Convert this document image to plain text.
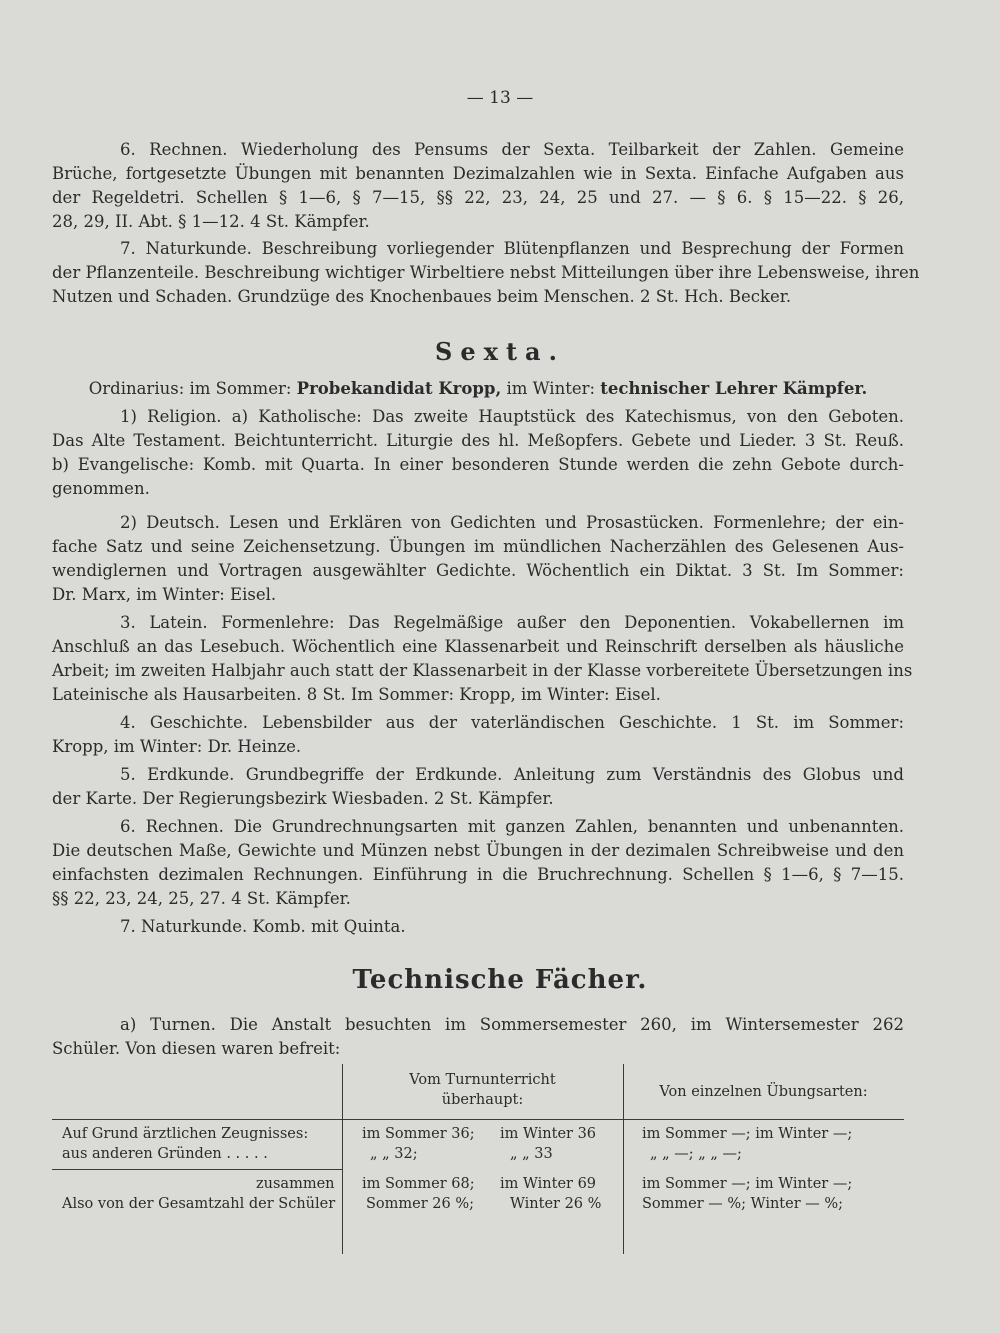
— 13 —
6. Rechnen. Wiederholung des Pensums der Sexta. Teilbarkeit der Zahlen. Gemeine
Brüche, fortgesetzte Übungen mit benannten Dezimalzahlen wie in Sexta. Einfache Aufgaben aus
der Regeldetri. Schellen § 1—6, § 7—15, §§ 22, 23, 24, 25 und 27. — § 6. § 15—22. § 26,
28, 29, II. Abt. § 1—12. 4 St. Kämpfer.
7. Naturkunde. Beschreibung vorliegender Blütenpflanzen und Besprechung der Formen
der Pflanzenteile. Beschreibung wichtiger Wirbeltiere nebst Mitteilungen über ihre Lebensweise, ihren
Nutzen und Schaden. Grundzüge des Knochenbaues beim Menschen. 2 St. Hch. Becker.
Sexta.
Ordinarius: im Sommer: Probekandidat Kropp, im Winter: technischer Lehrer Kämpfer.
1) Religion. a) Katholische: Das zweite Hauptstück des Katechismus, von den Geboten.
Das Alte Testament. Beichtunterricht. Liturgie des hl. Meßopfers. Gebete und Lieder. 3 St. Reuß.
b) Evangelische: Komb. mit Quarta. In einer besonderen Stunde werden die zehn Gebote durch-
genommen.
2) Deutsch. Lesen und Erklären von Gedichten und Prosastücken. Formenlehre; der ein-
fache Satz und seine Zeichensetzung. Übungen im mündlichen Nacherzählen des Gelesenen Aus-
wendiglernen und Vortragen ausgewählter Gedichte. Wöchentlich ein Diktat. 3 St. Im Sommer:
Dr. Marx, im Winter: Eisel.
3. Latein. Formenlehre: Das Regelmäßige außer den Deponentien. Vokabellernen im
Anschluß an das Lesebuch. Wöchentlich eine Klassenarbeit und Reinschrift derselben als häusliche
Arbeit; im zweiten Halbjahr auch statt der Klassenarbeit in der Klasse vorbereitete Übersetzungen ins
Lateinische als Hausarbeiten. 8 St. Im Sommer: Kropp, im Winter: Eisel.
4. Geschichte. Lebensbilder aus der vaterländischen Geschichte. 1 St. im Sommer:
Kropp, im Winter: Dr. Heinze.
5. Erdkunde. Grundbegriffe der Erdkunde. Anleitung zum Verständnis des Globus und
der Karte. Der Regierungsbezirk Wiesbaden. 2 St. Kämpfer.
6. Rechnen. Die Grundrechnungsarten mit ganzen Zahlen, benannten und unbenannten.
Die deutschen Maße, Gewichte und Münzen nebst Übungen in der dezimalen Schreibweise und den
einfachsten dezimalen Rechnungen. Einführung in die Bruchrechnung. Schellen § 1—6, § 7—15.
§§ 22, 23, 24, 25, 27. 4 St. Kämpfer.
7. Naturkunde. Komb. mit Quinta.
Technische Fächer.
a) Turnen. Die Anstalt besuchten im Sommersemester 260, im Wintersemester 262
Schüler. Von diesen waren befreit:
Vom Turnunterricht
überhaupt:	Von einzelnen Übungsarten:
Auf Grund ärztlichen Zeugnisses:
aus anderen Gründen . . . . .
im Sommer 36; im Winter 36
„ „ 32;	„ „ 33
im Sommer —; im Winter —;
„ „ —; „ „ —;
zusammen
Also von der Gesamtzahl der Schüler
im Sommer 68; im Winter 69
Sommer 26 %; Winter 26 %
im Sommer —; im Winter —;
Sommer — %; Winter — %;
